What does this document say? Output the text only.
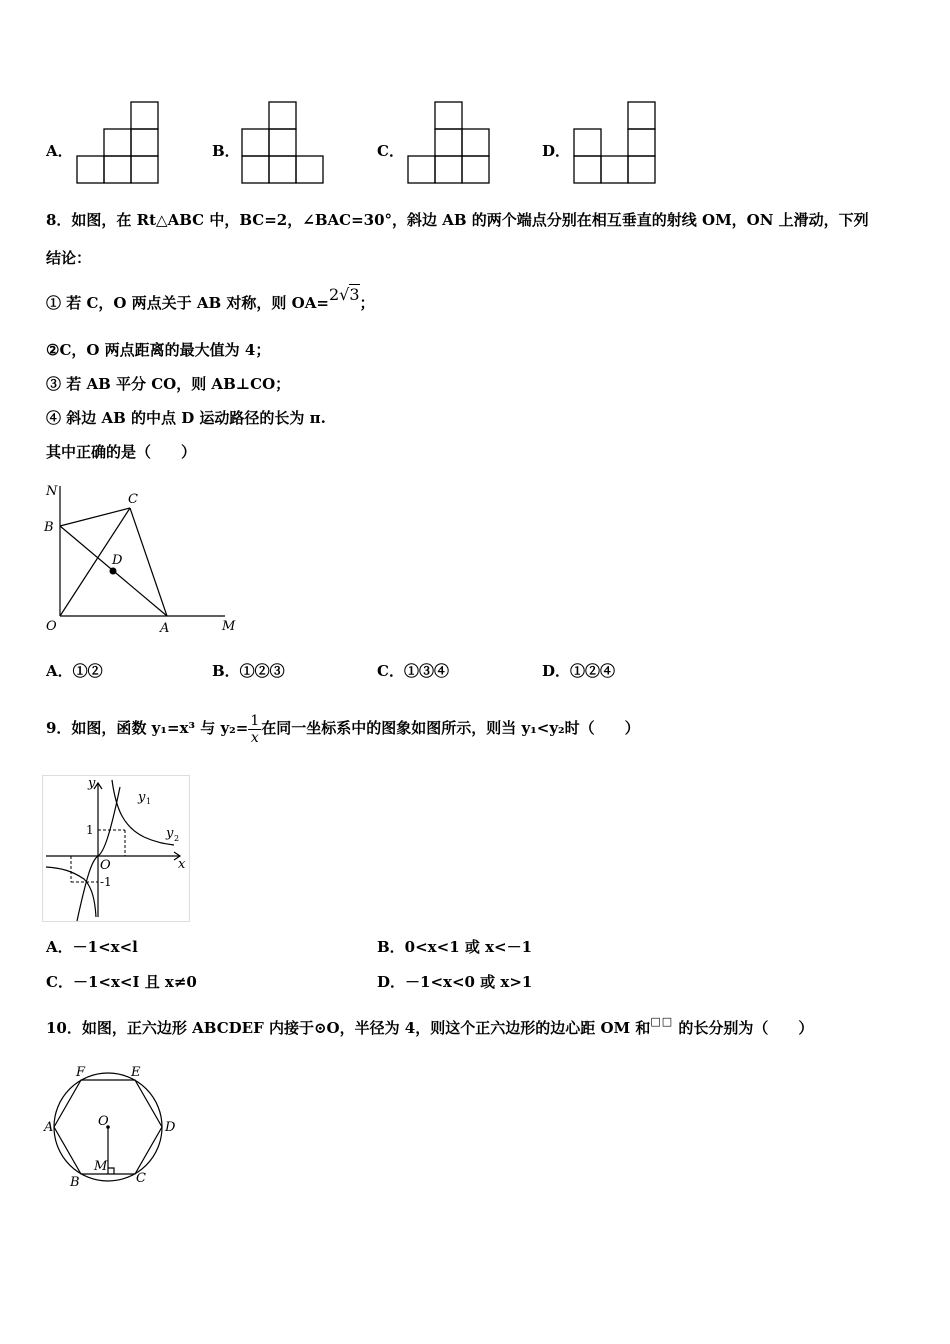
A．	B．	C．	D．
8．如图，在 Rt△ABC 中，BC=2，∠BAC=30°，斜边 AB 的两个端点分别在相互垂直的射线 OM，ON 上滑动，下列
结论：
① 若 C，O 两点关于 AB 对称，则 OA=2√3；
②C，O 两点距离的最大值为 4；
③ 若 AB 平分 CO，则 AB⊥CO；
④ 斜边 AB 的中点 D 运动路径的长为 π.
其中正确的是（　　）
N
B
C
D
O	A	M
A．①②	B．①②③	C．①③④	D．①②④
9．如图，函数 y₁=x³ 与 $y_2= \frac{1}{x}$ 在同一坐标系中的图象如图所示，则当 y₁<y₂时（　　）
y
x
O
1
-1
y 1
y 2
A．－1<x<l	B．0<x<1 或 x<－1
C．－1<x<I 且 x≠0	D．－1<x<0 或 x>1
10．如图，正六边形 ABCDEF 内接于⊙O，半径为 4，则这个正六边形的边心距 OM 和□□ 的长分别为（　　）
A
B	C
D
E
F
O
M
